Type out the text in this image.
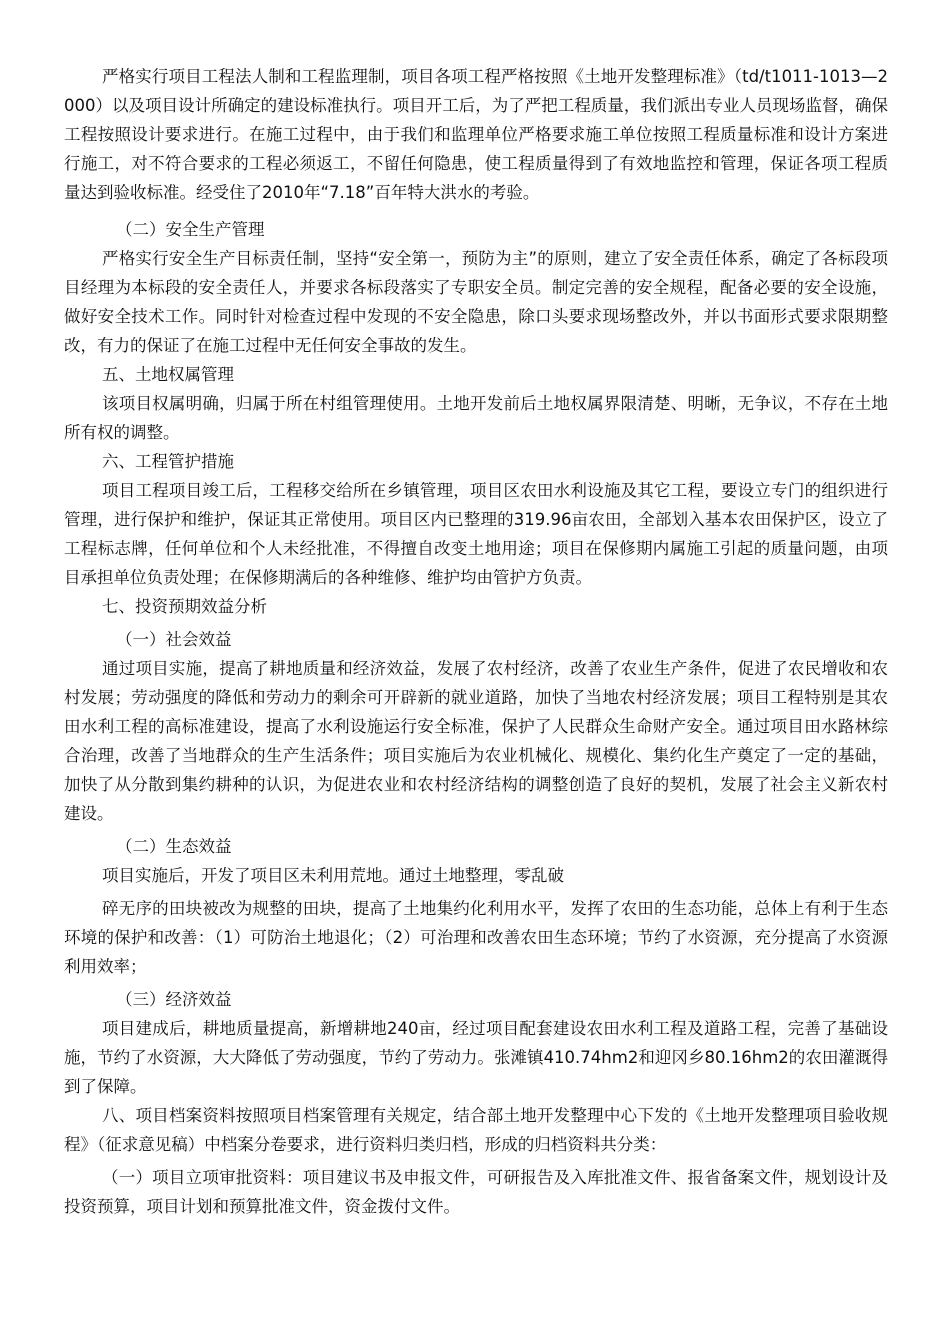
严格实行项目工程法人制和工程监理制，项目各项工程严格按照《土地开发整理标准》（td/t1011-1013—2000）以及项目设计所确定的建设标准执行。项目开工后，为了严把工程质量，我们派出专业人员现场监督，确保工程按照设计要求进行。在施工过程中，由于我们和监理单位严格要求施工单位按照工程质量标准和设计方案进行施工，对不符合要求的工程必须返工，不留任何隐患，使工程质量得到了有效地监控和管理，保证各项工程质量达到验收标准。经受住了2010年“7.18”百年特大洪水的考验。

（二）安全生产管理

严格实行安全生产目标责任制，坚持“安全第一，预防为主”的原则，建立了安全责任体系，确定了各标段项目经理为本标段的安全责任人，并要求各标段落实了专职安全员。制定完善的安全规程，配备必要的安全设施，做好安全技术工作。同时针对检查过程中发现的不安全隐患，除口头要求现场整改外，并以书面形式要求限期整改，有力的保证了在施工过程中无任何安全事故的发生。

五、土地权属管理

该项目权属明确，归属于所在村组管理使用。土地开发前后土地权属界限清楚、明晰，无争议，不存在土地所有权的调整。

六、工程管护措施

项目工程项目竣工后，工程移交给所在乡镇管理，项目区农田水利设施及其它工程，要设立专门的组织进行管理，进行保护和维护，保证其正常使用。项目区内已整理的319.96亩农田，全部划入基本农田保护区，设立了工程标志牌，任何单位和个人未经批准，不得擅自改变土地用途；项目在保修期内属施工引起的质量问题，由项目承担单位负责处理；在保修期满后的各种维修、维护均由管护方负责。

七、投资预期效益分析

（一）社会效益

通过项目实施，提高了耕地质量和经济效益，发展了农村经济，改善了农业生产条件，促进了农民增收和农村发展；劳动强度的降低和劳动力的剩余可开辟新的就业道路，加快了当地农村经济发展；项目工程特别是其农田水利工程的高标准建设，提高了水利设施运行安全标准，保护了人民群众生命财产安全。通过项目田水路林综合治理，改善了当地群众的生产生活条件；项目实施后为农业机械化、规模化、集约化生产奠定了一定的基础，加快了从分散到集约耕种的认识，为促进农业和农村经济结构的调整创造了良好的契机，发展了社会主义新农村建设。

（二）生态效益

项目实施后，开发了项目区未利用荒地。通过土地整理，零乱破

碎无序的田块被改为规整的田块，提高了土地集约化利用水平，发挥了农田的生态功能，总体上有利于生态环境的保护和改善：（1）可防治土地退化；（2）可治理和改善农田生态环境；节约了水资源，充分提高了水资源利用效率；

（三）经济效益

项目建成后，耕地质量提高，新增耕地240亩，经过项目配套建设农田水利工程及道路工程，完善了基础设施，节约了水资源，大大降低了劳动强度，节约了劳动力。张滩镇410.74hm2和迎冈乡80.16hm2的农田灌溉得到了保障。

八、项目档案资料按照项目档案管理有关规定，结合部土地开发整理中心下发的《土地开发整理项目验收规程》（征求意见稿）中档案分卷要求，进行资料归类归档，形成的归档资料共分类：

（一）项目立项审批资料：项目建议书及申报文件，可研报告及入库批准文件、报省备案文件，规划设计及投资预算，项目计划和预算批准文件，资金拨付文件。
